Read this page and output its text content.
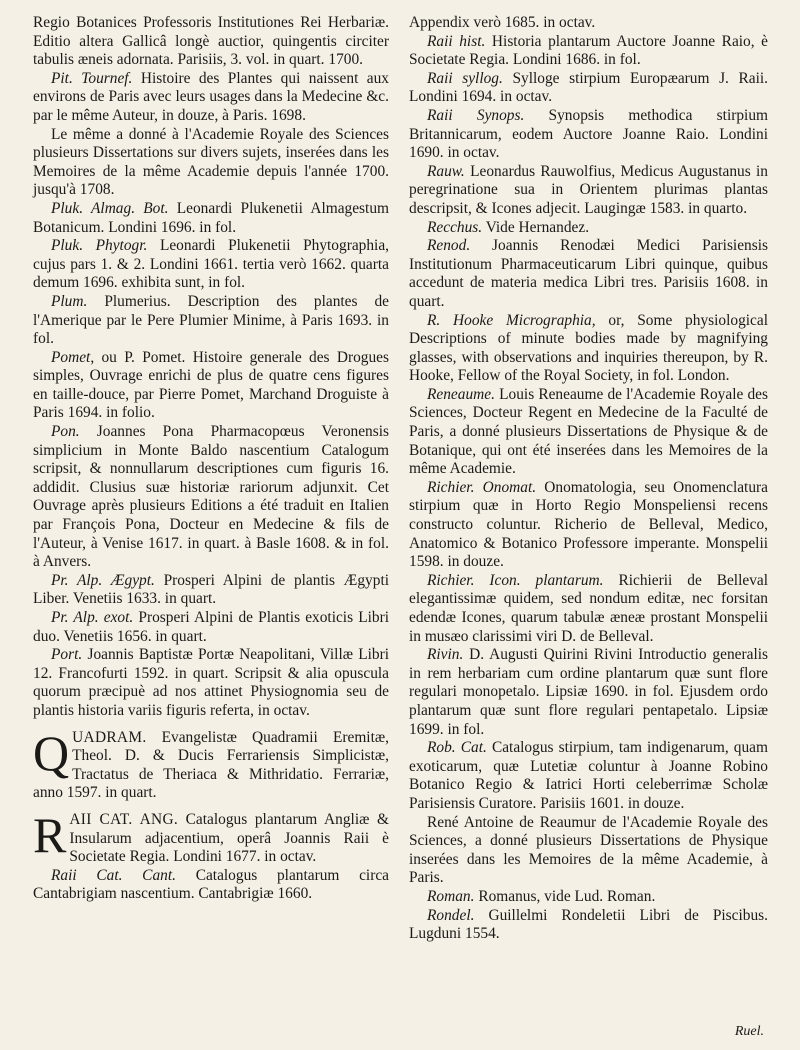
Regio Botanices Professoris Institutiones Rei Herbariæ. Editio altera Gallicâ longè auctior, quingentis circiter tabulis æneis adornata. Parisiis, 3. vol. in quart. 1700.

Pit. Tournef. Histoire des Plantes qui naissent aux environs de Paris avec leurs usages dans la Medecine &c. par le même Auteur, in douze, à Paris. 1698.

Le même a donné à l'Academie Royale des Sciences plusieurs Dissertations sur divers sujets, inserées dans les Memoires de la même Academie depuis l'année 1700. jusqu'à 1708.

Pluk. Almag. Bot. Leonardi Plukenetii Almagestum Botanicum. Londini 1696. in fol.

Pluk. Phytogr. Leonardi Plukenetii Phytographia, cujus pars 1. & 2. Londini 1661. tertia verò 1662. quarta demum 1696. exhibita sunt, in fol.

Plum. Plumerius. Description des plantes de l'Amerique par le Pere Plumier Minime, à Paris 1693. in fol.

Pomet, ou P. Pomet. Histoire generale des Drogues simples, Ouvrage enrichi de plus de quatre cens figures en taille-douce, par Pierre Pomet, Marchand Droguiste à Paris 1694. in folio.

Pon. Joannes Pona Pharmacopœus Veronensis simplicium in Monte Baldo nascentium Catalogum scripsit, & nonnullarum descriptiones cum figuris 16. addidit. Clusius suæ historiæ rariorum adjunxit. Cet Ouvrage après plusieurs Editions a été traduit en Italien par François Pona, Docteur en Medecine & fils de l'Auteur, à Venise 1617. in quart. à Basle 1608. & in fol. à Anvers.

Pr. Alp. Ægypt. Prosperi Alpini de plantis Ægypti Liber. Venetiis 1633. in quart.

Pr. Alp. exot. Prosperi Alpini de Plantis exoticis Libri duo. Venetiis 1656. in quart.

Port. Joannis Baptistæ Portæ Neapolitani, Villæ Libri 12. Francofurti 1592. in quart. Scripsit & alia opuscula quorum præcipuè ad nos attinet Physiognomia seu de plantis historia variis figuris referta, in octav.

QUADRAM. Evangelistæ Quadramii Eremitæ, Theol. D. & Ducis Ferrariensis Simplicistæ, Tractatus de Theriaca & Mithridatio. Ferrariæ, anno 1597. in quart.

RAII CAT. ANG. Catalogus plantarum Angliæ & Insularum adjacentium, operâ Joannis Raii è Societate Regia. Londini 1677. in octav.

Raii Cat. Cant. Catalogus plantarum circa Cantabrigiam nascentium. Cantabrigiæ 1660.

Appendix verò 1685. in octav.

Raii hist. Historia plantarum Auctore Joanne Raio, è Societate Regia. Londini 1686. in fol.

Raii syllog. Sylloge stirpium Europæarum J. Raii. Londini 1694. in octav.

Raii Synops. Synopsis methodica stirpium Britannicarum, eodem Auctore Joanne Raio. Londini 1690. in octav.

Rauw. Leonardus Rauwolfius, Medicus Augustanus in peregrinatione sua in Orientem plurimas plantas descripsit, & Icones adjecit. Laugingæ 1583. in quarto.

Recchus. Vide Hernandez.

Renod. Joannis Renodæi Medici Parisiensis Institutionum Pharmaceuticarum Libri quinque, quibus accedunt de materia medica Libri tres. Parisiis 1608. in quart.

R. Hooke Micrographia, or, Some physiological Descriptions of minute bodies made by magnifying glasses, with observations and inquiries thereupon, by R. Hooke, Fellow of the Royal Society, in fol. London.

Reneaume. Louis Reneaume de l'Academie Royale des Sciences, Docteur Regent en Medecine de la Faculté de Paris, a donné plusieurs Dissertations de Physique & de Botanique, qui ont été inserées dans les Memoires de la même Academie.

Richier. Onomat. Onomatologia, seu Onomenclatura stirpium quæ in Horto Regio Monspeliensi recens constructo coluntur. Richerio de Belleval, Medico, Anatomico & Botanico Professore imperante. Monspelii 1598. in douze.

Richier. Icon. plantarum. Richierii de Belleval elegantissimæ quidem, sed nondum editæ, nec forsitan edendæ Icones, quarum tabulæ æneæ prostant Monspelii in musæo clarissimi viri D. de Belleval.

Rivin. D. Augusti Quirini Rivini Introductio generalis in rem herbariam cum ordine plantarum quæ sunt flore regulari monopetalo. Lipsiæ 1690. in fol. Ejusdem ordo plantarum quæ sunt flore regulari pentapetalo. Lipsiæ 1699. in fol.

Rob. Cat. Catalogus stirpium, tam indigenarum, quam exoticarum, quæ Lutetiæ coluntur à Joanne Robino Botanico Regio & Iatrici Horti celeberrimæ Scholæ Parisiensis Curatore. Parisiis 1601. in douze.

René Antoine de Reaumur de l'Academie Royale des Sciences, a donné plusieurs Dissertations de Physique inserées dans les Memoires de la même Academie, à Paris.

Roman. Romanus, vide Lud. Roman.

Rondel. Guillelmi Rondeletii Libri de Piscibus. Lugduni 1554.

Ruel.
